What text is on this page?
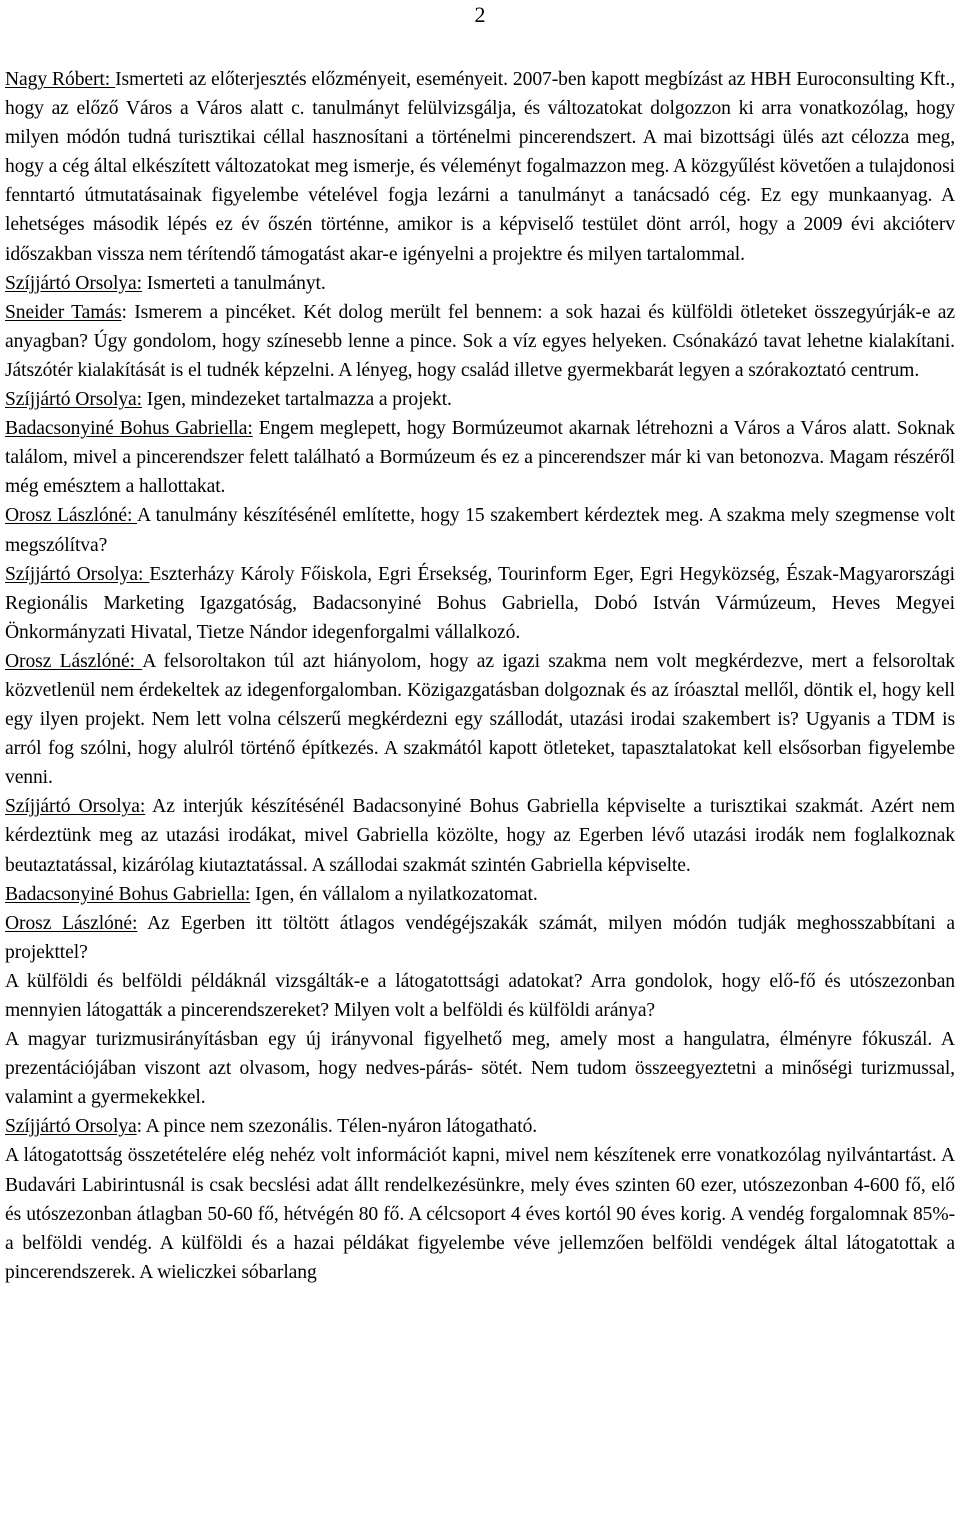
2

Nagy Róbert: Ismerteti az előterjesztés előzményeit, eseményeit. 2007-ben kapott megbízást az HBH Euroconsulting Kft., hogy az előző Város a Város alatt c. tanulmányt felülvizsgálja, és változatokat dolgozzon ki arra vonatkozólag, hogy milyen módón tudná turisztikai céllal hasznosítani a történelmi pincerendszert. A mai bizottsági ülés azt célozza meg, hogy a cég által elkészített változatokat meg ismerje, és véleményt fogalmazzon meg. A közgyűlést követően a tulajdonosi fenntartó útmutatásainak figyelembe vételével fogja lezárni a tanulmányt a tanácsadó cég. Ez egy munkaanyag. A lehetséges második lépés ez év őszén történne, amikor is a képviselő testület dönt arról, hogy a 2009 évi akcióterv időszakban vissza nem térítendő támogatást akar-e igényelni a projektre és milyen tartalommal.

Szíjjártó Orsolya: Ismerteti a tanulmányt.

Sneider Tamás: Ismerem a pincéket. Két dolog merült fel bennem: a sok hazai és külföldi ötleteket összegyúrják-e az anyagban? Úgy gondolom, hogy színesebb lenne a pince. Sok a víz egyes helyeken. Csónakázó tavat lehetne kialakítani. Játszótér kialakítását is el tudnék képzelni. A lényeg, hogy család illetve gyermekbarát legyen a szórakoztató centrum.

Szíjjártó Orsolya: Igen, mindezeket tartalmazza a projekt.

Badacsonyiné Bohus Gabriella: Engem meglepett, hogy Bormúzeumot akarnak létrehozni a Város a Város alatt. Soknak találom, mivel a pincerendszer felett található a Bormúzeum és ez a pincerendszer már ki van betonozva. Magam részéről még emésztem a hallottakat.

Orosz Lászlóné: A tanulmány készítésénél említette, hogy 15 szakembert kérdeztek meg. A szakma mely szegmense volt megszólítva?

Szíjjártó Orsolya: Eszterházy Károly Főiskola, Egri Érsekség, Tourinform Eger, Egri Hegyközség, Észak-Magyarországi Regionális Marketing Igazgatóság, Badacsonyiné Bohus Gabriella, Dobó István Vármúzeum, Heves Megyei Önkormányzati Hivatal, Tietze Nándor idegenforgalmi vállalkozó.

Orosz Lászlóné: A felsoroltakon túl azt hiányolom, hogy az igazi szakma nem volt megkérdezve, mert a felsoroltak közvetlenül nem érdekeltek az idegenforgalomban. Közigazgatásban dolgoznak és az íróasztal mellől, döntik el, hogy kell egy ilyen projekt. Nem lett volna célszerű megkérdezni egy szállodát, utazási irodai szakembert is? Ugyanis a TDM is arról fog szólni, hogy alulról történő építkezés. A szakmától kapott ötleteket, tapasztalatokat kell elsősorban figyelembe venni.

Szíjjártó Orsolya: Az interjúk készítésénél Badacsonyiné Bohus Gabriella képviselte a turisztikai szakmát. Azért nem kérdeztünk meg az utazási irodákat, mivel Gabriella közölte, hogy az Egerben lévő utazási irodák nem foglalkoznak beutaztatással, kizárólag kiutaztatással. A szállodai szakmát szintén Gabriella képviselte.

Badacsonyiné Bohus Gabriella: Igen, én vállalom a nyilatkozatomat.

Orosz Lászlóné: Az Egerben itt töltött átlagos vendégéjszakák számát, milyen módón tudják meghosszabbítani a projekttel?

A külföldi és belföldi példáknál vizsgálták-e a látogatottsági adatokat? Arra gondolok, hogy elő-fő és utószezonban mennyien látogatták a pincerendszereket? Milyen volt a belföldi és külföldi aránya?

A magyar turizmusirányításban egy új irányvonal figyelhető meg, amely most a hangulatra, élményre fókuszál. A prezentációjában viszont azt olvasom, hogy nedves-párás- sötét. Nem tudom összeegyeztetni a minőségi turizmussal, valamint a gyermekekkel.

Szíjjártó Orsolya: A pince nem szezonális. Télen-nyáron látogatható.

A látogatottság összetételére elég nehéz volt információt kapni, mivel nem készítenek erre vonatkozólag nyilvántartást. A Budavári Labirintusnál is csak becslési adat állt rendelkezésünkre, mely éves szinten 60 ezer, utószezonban 4-600 fő, elő és utószezonban átlagban 50-60 fő, hétvégén 80 fő. A célcsoport 4 éves kortól 90 éves korig. A vendég forgalomnak 85%-a belföldi vendég. A külföldi és a hazai példákat figyelembe véve jellemzően belföldi vendégek által látogatottak a pincerendszerek. A wieliczkei sóbarlang
